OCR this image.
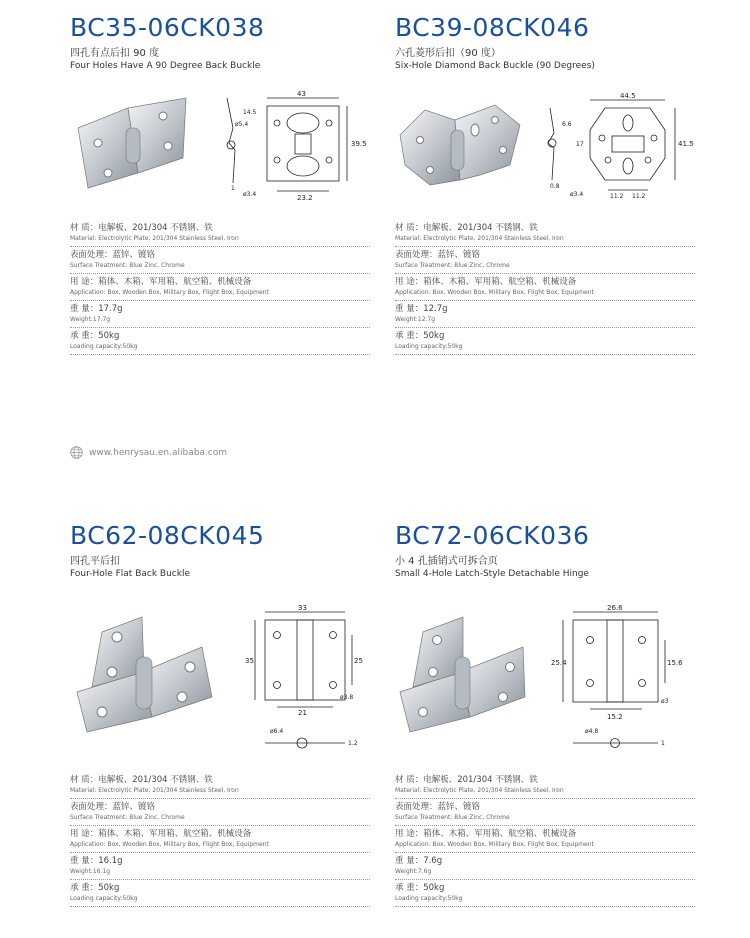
BC35-06CK038
四孔有点后扣 90 度
Four Holes Have A 90 Degree Back Buckle
43
39.5
23.2
ø5.4
ø3.4
14.5
1
材 质：电解板、201/304 不锈钢、铁
Material: Electrolytic Plate, 201/304 Stainless Steel, Iron
表面处理：蓝锌、镀铬
Surface Treatment: Blue Zinc, Chrome
用 途：箱体、木箱、军用箱、航空箱、机械设备
Application: Box, Wooden Box, Military Box, Flight Box, Equipment
重 量：17.7g
Weight:17.7g
承 重：50kg
Loading capacity:50kg
BC39-08CK046
六孔菱形后扣（90 度）
Six-Hole Diamond Back Buckle (90 Degrees)
44.5
41.5
11.2 11.2
ø3.4
17
6.6
0.8
材 质：电解板、201/304 不锈钢、铁
Material: Electrolytic Plate, 201/304 Stainless Steel, Iron
表面处理：蓝锌、镀铬
Surface Treatment: Blue Zinc, Chrome
用 途：箱体、木箱、军用箱、航空箱、机械设备
Application: Box, Wooden Box, Military Box, Flight Box, Equipment
重 量：12.7g
Weight:12.7g
承 重：50kg
Loading capacity:50kg
www.henrysau.en.alibaba.com
BC62-08CK045
四孔平后扣
Four-Hole Flat Back Buckle
33
35	25
21
ø3.8
ø6.4
1.2
材 质：电解板、201/304 不锈钢、铁
Material: Electrolytic Plate, 201/304 Stainless Steel, Iron
表面处理：蓝锌、镀铬
Surface Treatment: Blue Zinc, Chrome
用 途：箱体、木箱、军用箱、航空箱、机械设备
Application: Box, Wooden Box, Military Box, Flight Box, Equipment
重 量：16.1g
Weight:16.1g
承 重：50kg
Loading capacity:50kg
BC72-06CK036
小 4 孔插销式可拆合页
Small 4-Hole Latch-Style Detachable Hinge
26.6
25.4	15.6
15.2
ø3
ø4.8
1
材 质：电解板、201/304 不锈钢、铁
Material: Electrolytic Plate, 201/304 Stainless Steel, Iron
表面处理：蓝锌、镀铬
Surface Treatment: Blue Zinc, Chrome
用 途：箱体、木箱、军用箱、航空箱、机械设备
Application: Box, Wooden Box, Military Box, Flight Box, Equipment
重 量：7.6g
Weight:7.6g
承 重：50kg
Loading capacity:50kg
